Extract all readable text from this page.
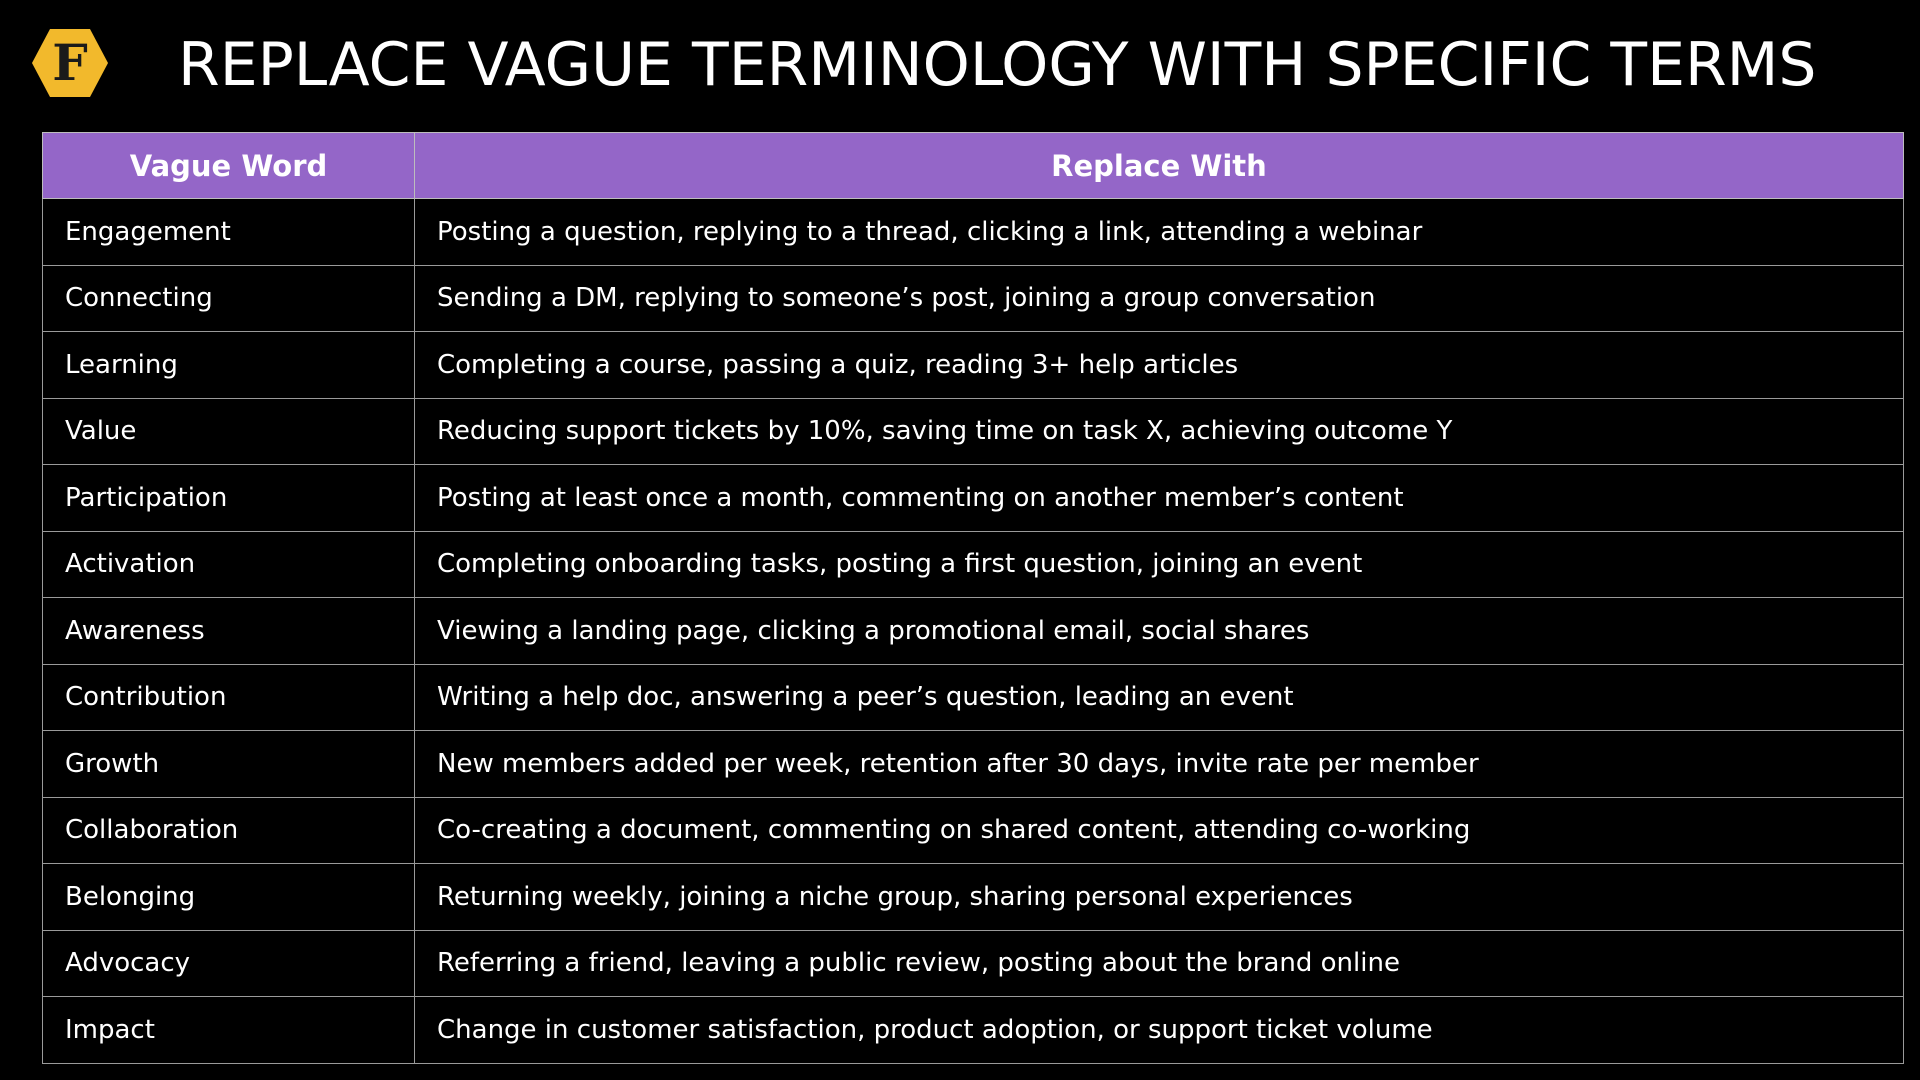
F REPLACE VAGUE TERMINOLOGY WITH SPECIFIC TERMS
Vague Word	Replace With
Engagement	Posting a question, replying to a thread, clicking a link, attending a webinar
Connecting	Sending a DM, replying to someone’s post, joining a group conversation
Learning	Completing a course, passing a quiz, reading 3+ help articles
Value	Reducing support tickets by 10%, saving time on task X, achieving outcome Y
Participation	Posting at least once a month, commenting on another member’s content
Activation	Completing onboarding tasks, posting a first question, joining an event
Awareness	Viewing a landing page, clicking a promotional email, social shares
Contribution	Writing a help doc, answering a peer’s question, leading an event
Growth	New members added per week, retention after 30 days, invite rate per member
Collaboration	Co-creating a document, commenting on shared content, attending co-working
Belonging	Returning weekly, joining a niche group, sharing personal experiences
Advocacy	Referring a friend, leaving a public review, posting about the brand online
Impact	Change in customer satisfaction, product adoption, or support ticket volume
